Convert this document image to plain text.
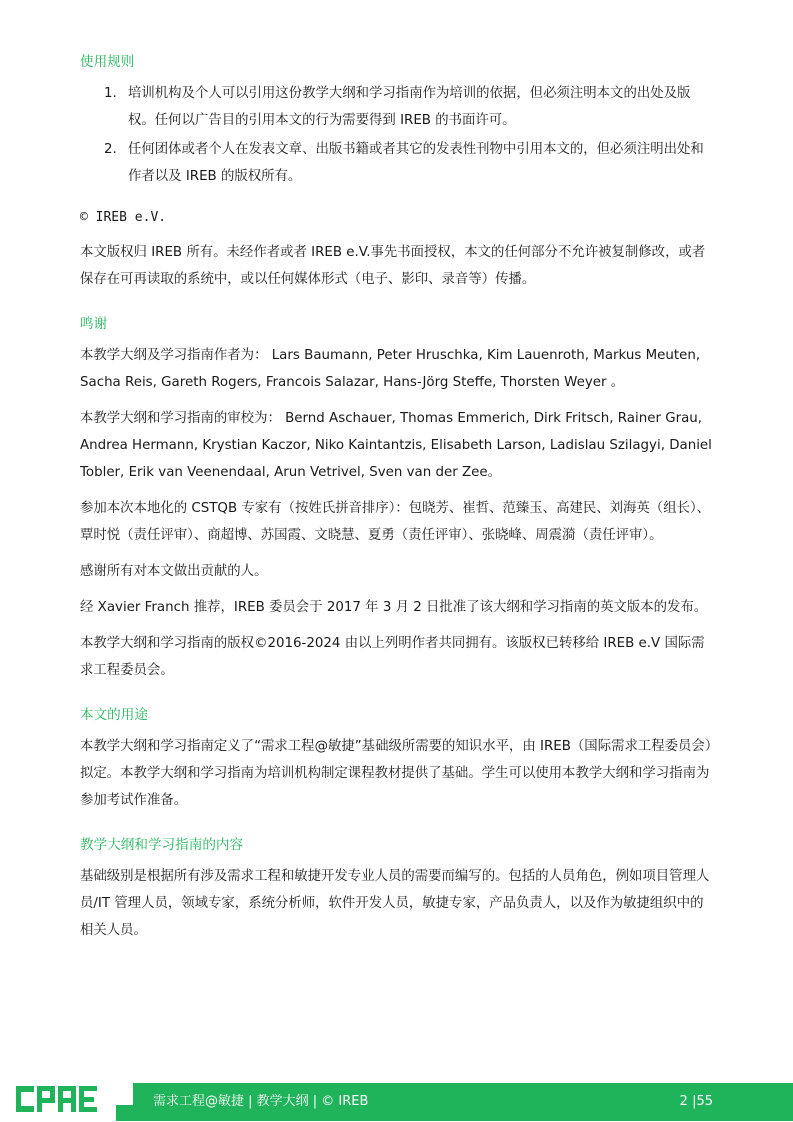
使用规则
1. 培训机构及个人可以引用这份教学大纲和学习指南作为培训的依据，但必须注明本文的出处及版权。任何以广告目的引用本文的行为需要得到 IREB 的书面许可。
2. 任何团体或者个人在发表文章、出版书籍或者其它的发表性刊物中引用本文的，但必须注明出处和作者以及 IREB 的版权所有。
© IREB e.V.

本文版权归 IREB 所有。未经作者或者 IREB e.V.事先书面授权，本文的任何部分不允许被复制修改，或者保存在可再读取的系统中，或以任何媒体形式（电子、影印、录音等）传播。

鸣谢

本教学大纲及学习指南作者为： Lars Baumann, Peter Hruschka, Kim Lauenroth, Markus Meuten, Sacha Reis, Gareth Rogers, Francois Salazar, Hans-Jörg Steffe, Thorsten Weyer 。

本教学大纲和学习指南的审校为： Bernd Aschauer, Thomas Emmerich, Dirk Fritsch, Rainer Grau, Andrea Hermann, Krystian Kaczor, Niko Kaintantzis, Elisabeth Larson, Ladislau Szilagyi, Daniel Tobler, Erik van Veenendaal, Arun Vetrivel, Sven van der Zee。

参加本次本地化的 CSTQB 专家有（按姓氏拼音排序）：包晓芳、崔哲、范臻玉、高建民、刘海英（组长）、覃时悦（责任评审）、商超博、苏国霞、文晓慧、夏勇（责任评审）、张晓峰、周震漪（责任评审）。

感谢所有对本文做出贡献的人。

经 Xavier Franch 推荐，IREB 委员会于 2017 年 3 月 2 日批准了该大纲和学习指南的英文版本的发布。

本教学大纲和学习指南的版权©2016-2024 由以上列明作者共同拥有。该版权已转移给 IREB e.V 国际需求工程委员会。

本文的用途

本教学大纲和学习指南定义了“需求工程@敏捷”基础级所需要的知识水平，由 IREB（国际需求工程委员会）拟定。本教学大纲和学习指南为培训机构制定课程教材提供了基础。学生可以使用本教学大纲和学习指南为参加考试作准备。

教学大纲和学习指南的内容

基础级别是根据所有涉及需求工程和敏捷开发专业人员的需要而编写的。包括的人员角色，例如项目管理人员/IT 管理人员，领域专家，系统分析师，软件开发人员，敏捷专家，产品负责人，以及作为敏捷组织中的相关人员。

CPRE
需求工程@敏捷 | 教学大纲 | © IREB	2 |55
